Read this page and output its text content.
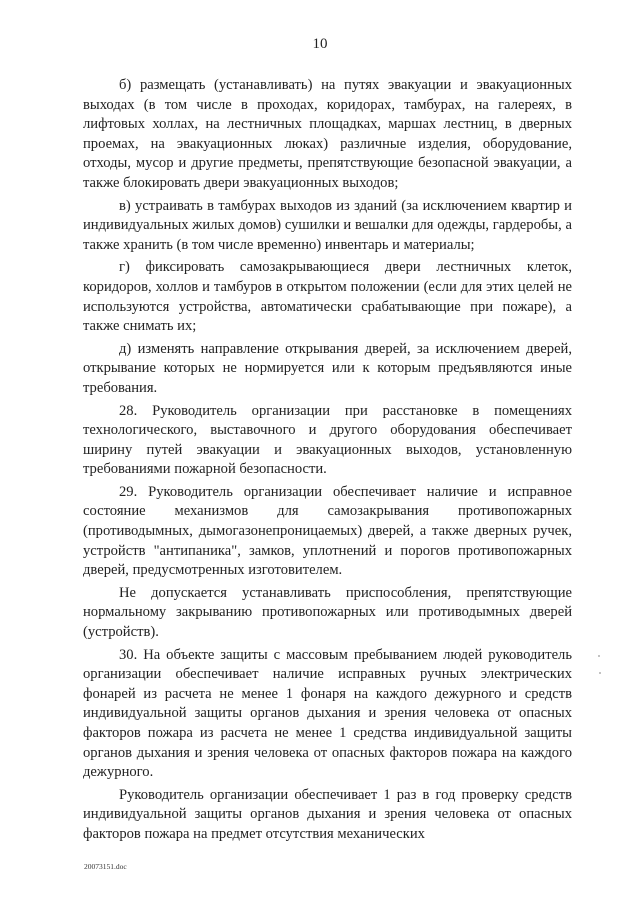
10

б) размещать (устанавливать) на путях эвакуации и эвакуационных выходах (в том числе в проходах, коридорах, тамбурах, на галереях, в лифтовых холлах, на лестничных площадках, маршах лестниц, в дверных проемах, на эвакуационных люках) различные изделия, оборудование, отходы, мусор и другие предметы, препятствующие безопасной эвакуации, а также блокировать двери эвакуационных выходов;

в) устраивать в тамбурах выходов из зданий (за исключением квартир и индивидуальных жилых домов) сушилки и вешалки для одежды, гардеробы, а также хранить (в том числе временно) инвентарь и материалы;

г) фиксировать самозакрывающиеся двери лестничных клеток, коридоров, холлов и тамбуров в открытом положении (если для этих целей не используются устройства, автоматически срабатывающие при пожаре), а также снимать их;

д) изменять направление открывания дверей, за исключением дверей, открывание которых не нормируется или к которым предъявляются иные требования.

28. Руководитель организации при расстановке в помещениях технологического, выставочного и другого оборудования обеспечивает ширину путей эвакуации и эвакуационных выходов, установленную требованиями пожарной безопасности.

29. Руководитель организации обеспечивает наличие и исправное состояние механизмов для самозакрывания противопожарных (противодымных, дымогазонепроницаемых) дверей, а также дверных ручек, устройств "антипаника", замков, уплотнений и порогов противопожарных дверей, предусмотренных изготовителем.

Не допускается устанавливать приспособления, препятствующие нормальному закрыванию противопожарных или противодымных дверей (устройств).

30. На объекте защиты с массовым пребыванием людей руководитель организации обеспечивает наличие исправных ручных электрических фонарей из расчета не менее 1 фонаря на каждого дежурного и средств индивидуальной защиты органов дыхания и зрения человека от опасных факторов пожара из расчета не менее 1 средства индивидуальной защиты органов дыхания и зрения человека от опасных факторов пожара на каждого дежурного.

Руководитель организации обеспечивает 1 раз в год проверку средств индивидуальной защиты органов дыхания и зрения человека от опасных факторов пожара на предмет отсутствия механических

20073151.doc
